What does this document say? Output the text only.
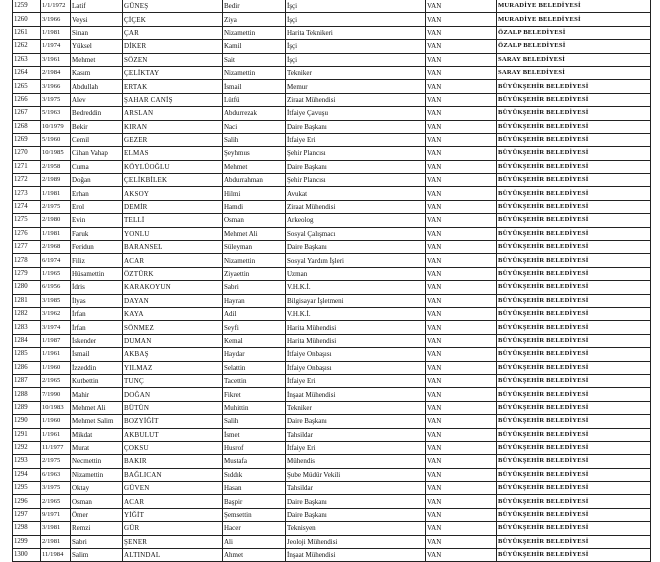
1259	1/1/1972	Latif	GÜNEŞ	Bedir	İşçi	VAN	MURADİYE BELEDİYESİ
1260	3/1966	Veysi	ÇİÇEK	Ziya	İşçi	VAN	MURADİYE BELEDİYESİ
1261	1/1981	Sinan	ÇAR	Nizamettin	Harita Teknikeri	VAN	ÖZALP BELEDİYESİ
1262	1/1974	Yüksel	DİKER	Kamil	İşçi	VAN	ÖZALP BELEDİYESİ
1263	3/1961	Mehmet	SÖZEN	Sait	İşçi	VAN	SARAY BELEDİYESİ
1264	2/1984	Kasım	ÇELİKTAY	Nizamettin	Tekniker	VAN	SARAY BELEDİYESİ
1265	3/1966	Abdullah	ERTAK	İsmail	Memur	VAN	BÜYÜKŞEHİR BELEDİYESİ
1266	3/1975	Alev	ŞAHAR CANİŞ	Lütfü	Ziraat Mühendisi	VAN	BÜYÜKŞEHİR BELEDİYESİ
1267	5/1963	Bedreddin	ARSLAN	Abdurrezak	İtfaiye Çavuşu	VAN	BÜYÜKŞEHİR BELEDİYESİ
1268	10/1979	Bekir	KIRAN	Naci	Daire Başkanı	VAN	BÜYÜKŞEHİR BELEDİYESİ
1269	5/1960	Cemil	GEZER	Salih	İtfaiye Eri	VAN	BÜYÜKŞEHİR BELEDİYESİ
1270	10/1985	Cihan Vahap	ELMAS	Şeyhmus	Şehir Plancısı	VAN	BÜYÜKŞEHİR BELEDİYESİ
1271	2/1958	Cuma	KÖYLÜOĞLU	Mehmet	Daire Başkanı	VAN	BÜYÜKŞEHİR BELEDİYESİ
1272	2/1989	Doğan	ÇELİKBİLEK	Abdurrahman	Şehir Plancısı	VAN	BÜYÜKŞEHİR BELEDİYESİ
1273	1/1981	Erhan	AKSOY	Hilmi	Avukat	VAN	BÜYÜKŞEHİR BELEDİYESİ
1274	2/1975	Erol	DEMİR	Hamdi	Ziraat Mühendisi	VAN	BÜYÜKŞEHİR BELEDİYESİ
1275	2/1980	Evin	TELLİ	Osman	Arkeolog	VAN	BÜYÜKŞEHİR BELEDİYESİ
1276	1/1981	Faruk	YONLU	Mehmet Ali	Sosyal Çalışmacı	VAN	BÜYÜKŞEHİR BELEDİYESİ
1277	2/1968	Feridun	BARANSEL	Süleyman	Daire Başkanı	VAN	BÜYÜKŞEHİR BELEDİYESİ
1278	6/1974	Filiz	ACAR	Nizamettin	Sosyal Yardım İşleri	VAN	BÜYÜKŞEHİR BELEDİYESİ
1279	1/1965	Hüsamettin	ÖZTÜRK	Ziyaettin	Uzman	VAN	BÜYÜKŞEHİR BELEDİYESİ
1280	6/1956	İdris	KARAKOYUN	Sabri	V.H.K.İ.	VAN	BÜYÜKŞEHİR BELEDİYESİ
1281	3/1985	İlyas	DAYAN	Hayran	Bilgisayar İşletmeni	VAN	BÜYÜKŞEHİR BELEDİYESİ
1282	3/1962	İrfan	KAYA	Adil	V.H.K.İ.	VAN	BÜYÜKŞEHİR BELEDİYESİ
1283	3/1974	İrfan	SÖNMEZ	Seyfi	Harita Mühendisi	VAN	BÜYÜKŞEHİR BELEDİYESİ
1284	1/1987	İskender	DUMAN	Kemal	Harita Mühendisi	VAN	BÜYÜKŞEHİR BELEDİYESİ
1285	1/1961	İsmail	AKBAŞ	Haydar	İtfaiye Onbaşısı	VAN	BÜYÜKŞEHİR BELEDİYESİ
1286	1/1960	İzzeddin	YILMAZ	Selattin	İtfaiye Onbaşısı	VAN	BÜYÜKŞEHİR BELEDİYESİ
1287	2/1965	Kutbettin	TUNÇ	Tacettin	İtfaiye Eri	VAN	BÜYÜKŞEHİR BELEDİYESİ
1288	7/1990	Mahir	DOĞAN	Fikret	İnşaat Mühendisi	VAN	BÜYÜKŞEHİR BELEDİYESİ
1289	10/1983	Mehmet Ali	BÜTÜN	Muhittin	Tekniker	VAN	BÜYÜKŞEHİR BELEDİYESİ
1290	1/1960	Mehmet Salim	BOZYİĞİT	Salih	Daire Başkanı	VAN	BÜYÜKŞEHİR BELEDİYESİ
1291	1/1961	Mikdat	AKBULUT	İsmet	Tahsildar	VAN	BÜYÜKŞEHİR BELEDİYESİ
1292	11/1977	Murat	ÇOKSU	Husrof	İtfaiye Eri	VAN	BÜYÜKŞEHİR BELEDİYESİ
1293	2/1975	Necmettin	BAKIR	Mustafa	Mühendis	VAN	BÜYÜKŞEHİR BELEDİYESİ
1294	6/1963	Nizamettin	BAĞLICAN	Sıddık	Şube Müdür Vekili	VAN	BÜYÜKŞEHİR BELEDİYESİ
1295	3/1975	Oktay	GÜVEN	Hasan	Tahsildar	VAN	BÜYÜKŞEHİR BELEDİYESİ
1296	2/1965	Osman	ACAR	Başpir	Daire Başkanı	VAN	BÜYÜKŞEHİR BELEDİYESİ
1297	9/1971	Ömer	YİĞİT	Şemsettin	Daire Başkanı	VAN	BÜYÜKŞEHİR BELEDİYESİ
1298	3/1981	Remzi	GÜR	Hacer	Teknisyen	VAN	BÜYÜKŞEHİR BELEDİYESİ
1299	2/1981	Sabri	ŞENER	Ali	Jeoloji Mühendisi	VAN	BÜYÜKŞEHİR BELEDİYESİ
1300	11/1984	Salim	ALTINDAL	Ahmet	İnşaat Mühendisi	VAN	BÜYÜKŞEHİR BELEDİYESİ
